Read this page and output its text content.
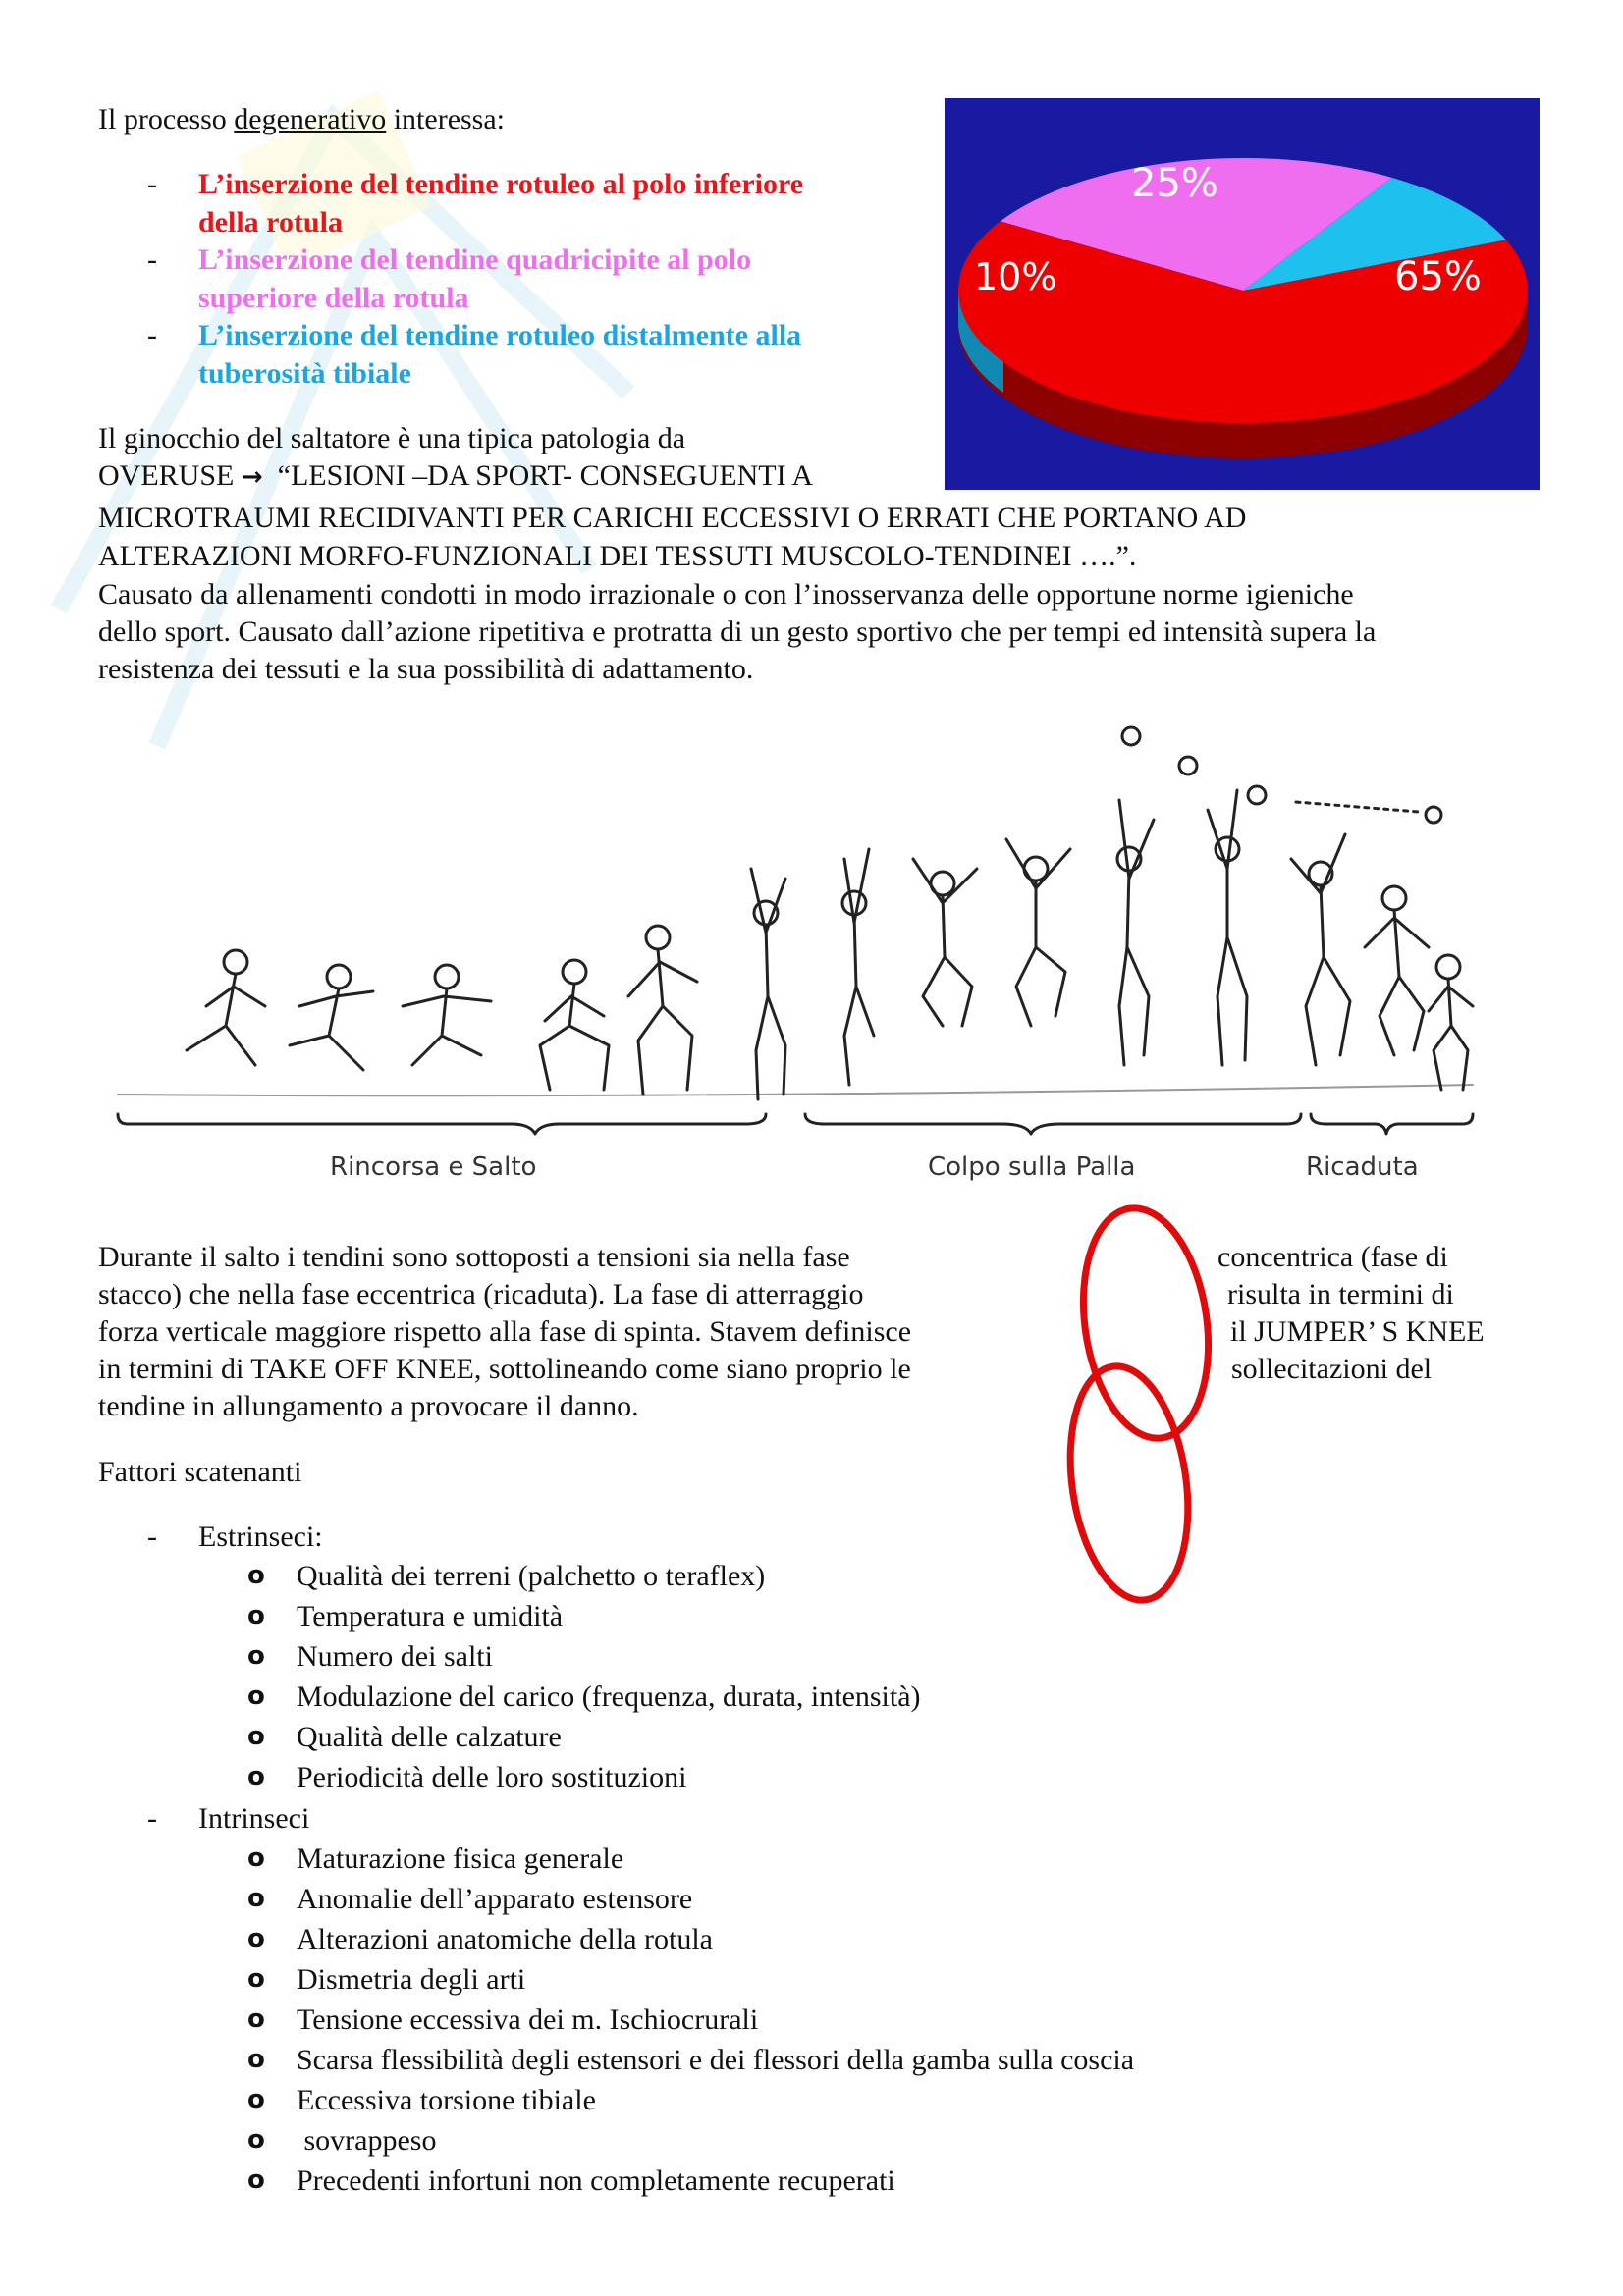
Il processo degenerativo interessa:

- L’inserzione del tendine rotuleo al polo inferiore
della rotula
- L’inserzione del tendine quadricipite al polo
superiore della rotula
- L’inserzione del tendine rotuleo distalmente alla
tuberosità tibiale
25%
10%	65%

Il ginocchio del saltatore è una tipica patologia da

OVERUSE → “LESIONI –DA SPORT- CONSEGUENTI A

MICROTRAUMI RECIDIVANTI PER CARICHI ECCESSIVI O ERRATI CHE PORTANO AD

ALTERAZIONI MORFO-FUNZIONALI DEI TESSUTI MUSCOLO-TENDINEI ….”.

Causato da allenamenti condotti in modo irrazionale o con l’inosservanza delle opportune norme igieniche

dello sport. Causato dall’azione ripetitiva e protratta di un gesto sportivo che per tempi ed intensità supera la

resistenza dei tessuti e la sua possibilità di adattamento.

Rincorsa e Salto	Colpo sulla Palla	Ricaduta

Durante il salto i tendini sono sottoposti a tensioni sia nella fase	concentrica (fase di

stacco) che nella fase eccentrica (ricaduta). La fase di atterraggio	risulta in termini di

forza verticale maggiore rispetto alla fase di spinta. Stavem definisce	il JUMPER’ S KNEE

in termini di TAKE OFF KNEE, sottolineando come siano proprio le	sollecitazioni del

tendine in allungamento a provocare il danno.

Fattori scatenanti

- Estrinseci:
o Qualità dei terreni (palchetto o teraflex)
o Temperatura e umidità
o Numero dei salti
o Modulazione del carico (frequenza, durata, intensità)
o Qualità delle calzature
o Periodicità delle loro sostituzioni
- Intrinseci
o Maturazione fisica generale
o Anomalie dell’apparato estensore
o Alterazioni anatomiche della rotula
o Dismetria degli arti
o Tensione eccessiva dei m. Ischiocrurali
o Scarsa flessibilità degli estensori e dei flessori della gamba sulla coscia
o Eccessiva torsione tibiale
o sovrappeso
o Precedenti infortuni non completamente recuperati
